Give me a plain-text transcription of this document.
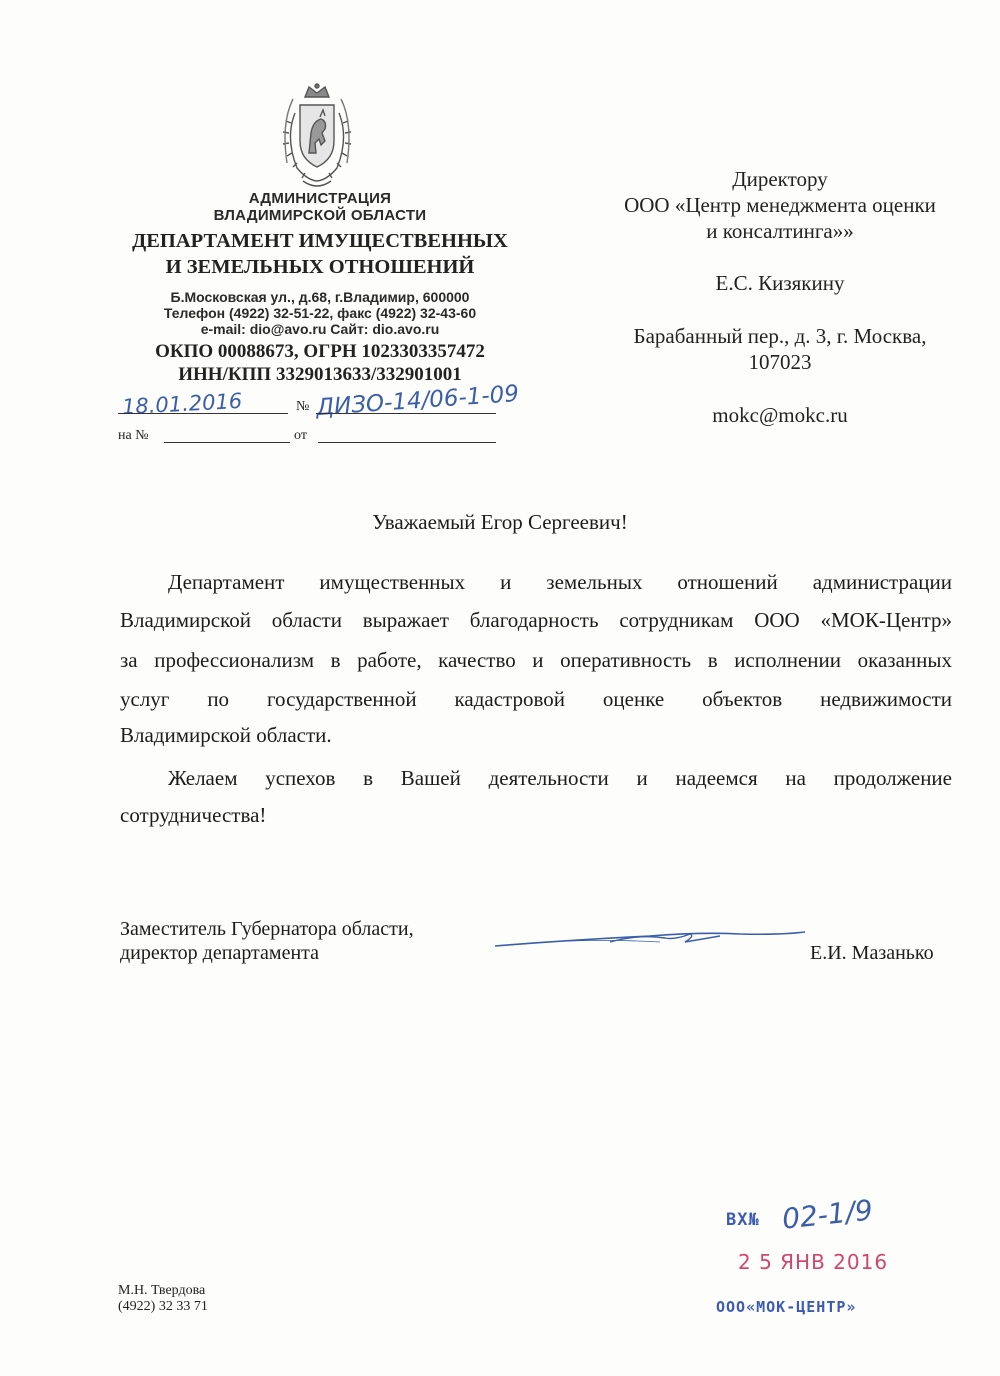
АДМИНИСТРАЦИЯ
ВЛАДИМИРСКОЙ ОБЛАСТИ
ДЕПАРТАМЕНТ ИМУЩЕСТВЕННЫХ
И ЗЕМЕЛЬНЫХ ОТНОШЕНИЙ
Б.Московская ул., д.68, г.Владимир, 600000
Телефон (4922) 32-51-22, факс (4922) 32-43-60
e-mail: dio@avo.ru Сайт: dio.avo.ru
ОКПО 00088673, ОГРН 1023303357472
ИНН/КПП 3329013633/332901001
18.01.2016	№ ДИЗО-14/06-1-09
на №	от
Директору
ООО «Центр менеджмента оценки
и консалтинга»»
Е.С. Кизякину
Барабанный пер., д. 3, г. Москва,
107023
mokc@mokc.ru
Уважаемый Егор Сергеевич!
Департамент имущественных и земельных отношений администрации
Владимирской области выражает благодарность сотрудникам ООО «МОК-Центр»
за профессионализм в работе, качество и оперативность в исполнении оказанных
услуг по государственной кадастровой оценке объектов недвижимости
Владимирской области.
Желаем успехов в Вашей деятельности и надеемся на продолжение
сотрудничества!
Заместитель Губернатора области,
директор департамента	Е.И. Мазанько
М.Н. Твердова
(4922) 32 33 71
ВХ№ 02-1/9
2 5 ЯНВ 2016
ООО«МОК-ЦЕНТР»
